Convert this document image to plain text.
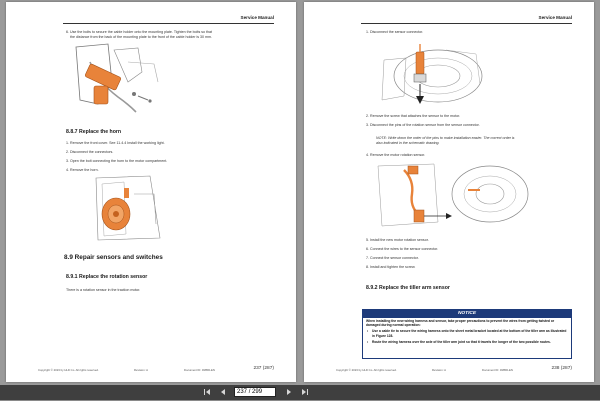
Service Manual
6. Use the bolts to secure the cable holder onto the mounting plate. Tighten the bolts so that
the distance from the back of the mounting plate to the front of the cable holder is 30 mm.
8.8.7 Replace the horn
1. Remove the front cover. See 11.4.4 Install the working light.
2. Disconnect the connectors.
3. Open the bolt connecting the horn to the motor compartment.
4. Remove the horn.
8.9 Repair sensors and switches
8.9.1 Replace the rotation sensor
There is a rotation sensor in the traction motor.
Copyright © 2023 by HLD Co. All rights reserved.	Revision: A	Document ID: 4985D-EN	237 (287)
Service Manual
1. Disconnect the sensor connector.
2. Remove the screw that attaches the sensor to the motor.
3. Disconnect the pins of the rotation sensor from the sensor connector.
NOTE: Write down the order of the pins to make installation easier. The correct order is
also indicated in the schematic drawing.
4. Remove the motor rotation sensor.
5. Install the new motor rotation sensor.
6. Connect the wires to the sensor connector.
7. Connect the sensor connector.
8. Install and tighten the screw.
8.9.2 Replace the tiller arm sensor
NOTICE
When installing the new wiring harness and sensor, take proper precautions to prevent the wires from getting twisted or damaged during normal operation:
• Use a cable tie to secure the wiring harness onto the sheet metal bracket located at the bottom of the tiller arm as illustrated in Figure 128.
• Route the wiring harness over the axle of the tiller arm joint so that it travels the longer of the two possible routes.
Copyright © 2023 by HLD Co. All rights reserved.	Revision: A	Document ID: 4985D-EN	238 (287)
237 / 299
